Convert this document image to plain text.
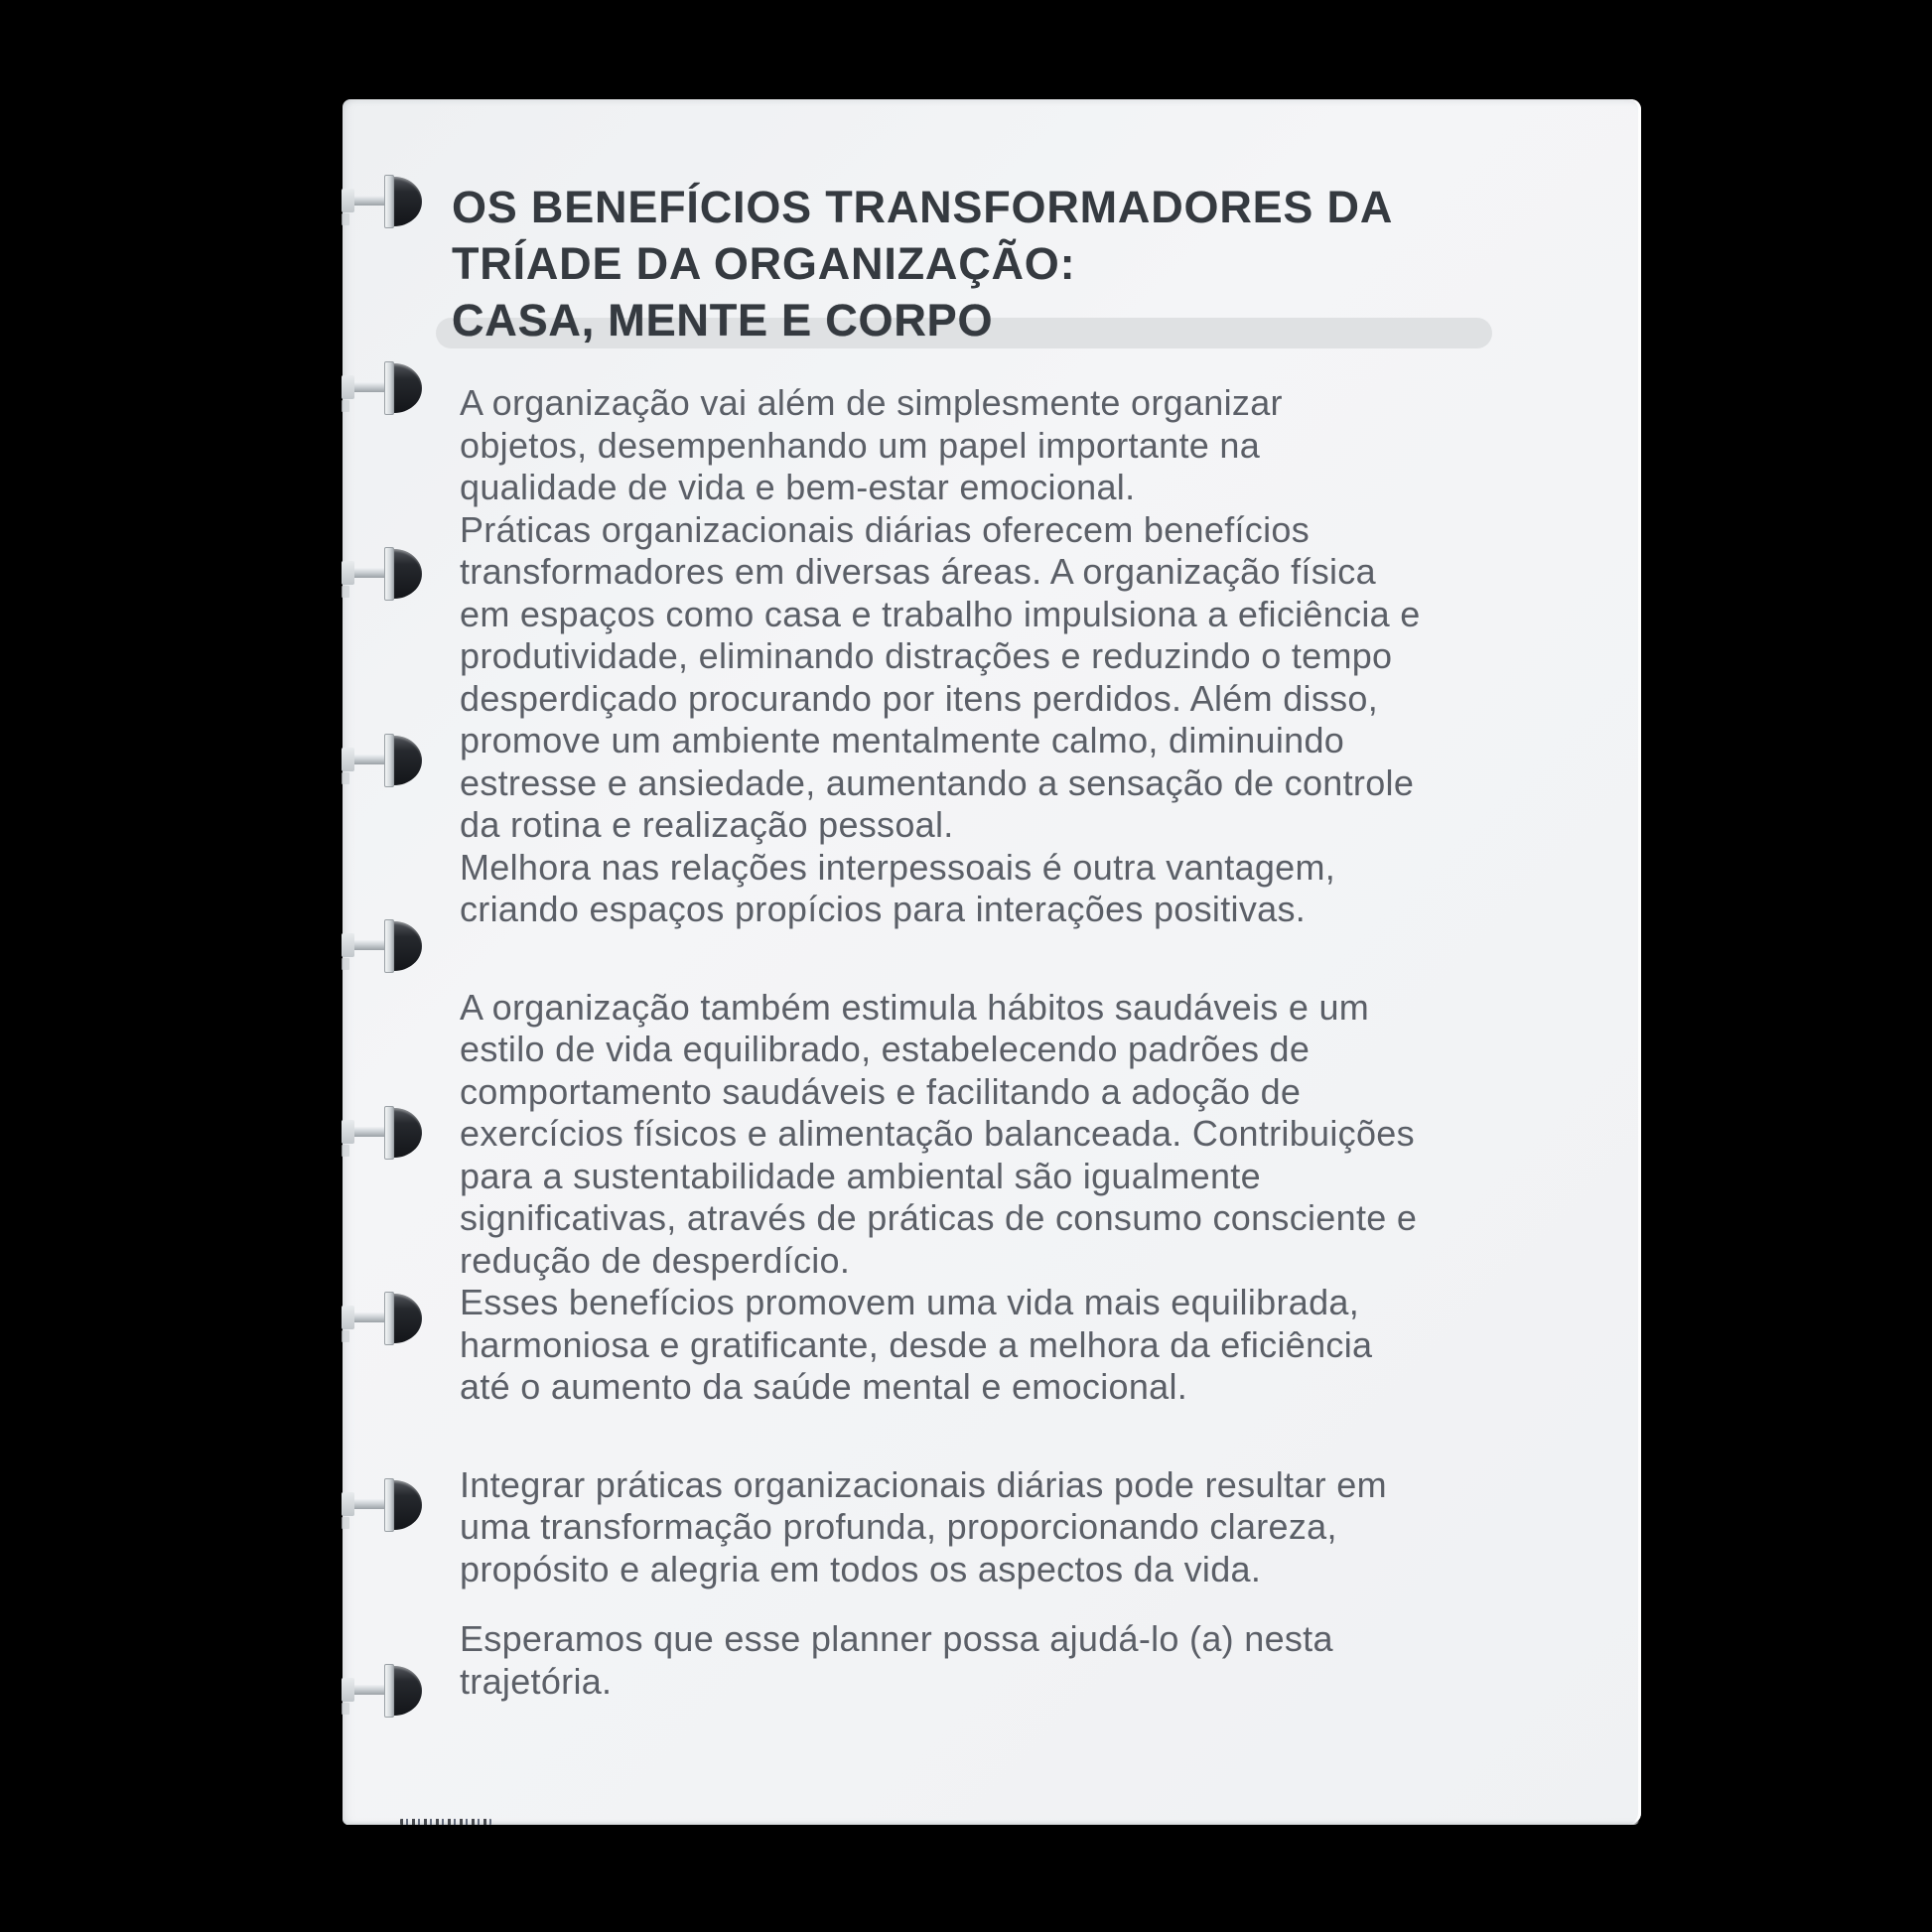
OS BENEFÍCIOS TRANSFORMADORES DA
TRÍADE DA ORGANIZAÇÃO:
CASA, MENTE E CORPO
A organização vai além de simplesmente organizar
objetos, desempenhando um papel importante na
qualidade de vida e bem-estar emocional.
Práticas organizacionais diárias oferecem benefícios
transformadores em diversas áreas. A organização física
em espaços como casa e trabalho impulsiona a eficiência e
produtividade, eliminando distrações e reduzindo o tempo
desperdiçado procurando por itens perdidos. Além disso,
promove um ambiente mentalmente calmo, diminuindo
estresse e ansiedade, aumentando a sensação de controle
da rotina e realização pessoal.
Melhora nas relações interpessoais é outra vantagem,
criando espaços propícios para interações positivas.
A organização também estimula hábitos saudáveis e um
estilo de vida equilibrado, estabelecendo padrões de
comportamento saudáveis e facilitando a adoção de
exercícios físicos e alimentação balanceada. Contribuições
para a sustentabilidade ambiental são igualmente
significativas, através de práticas de consumo consciente e
redução de desperdício.
Esses benefícios promovem uma vida mais equilibrada,
harmoniosa e gratificante, desde a melhora da eficiência
até o aumento da saúde mental e emocional.
Integrar práticas organizacionais diárias pode resultar em
uma transformação profunda, proporcionando clareza,
propósito e alegria em todos os aspectos da vida.
Esperamos que esse planner possa ajudá-lo (a) nesta
trajetória.
